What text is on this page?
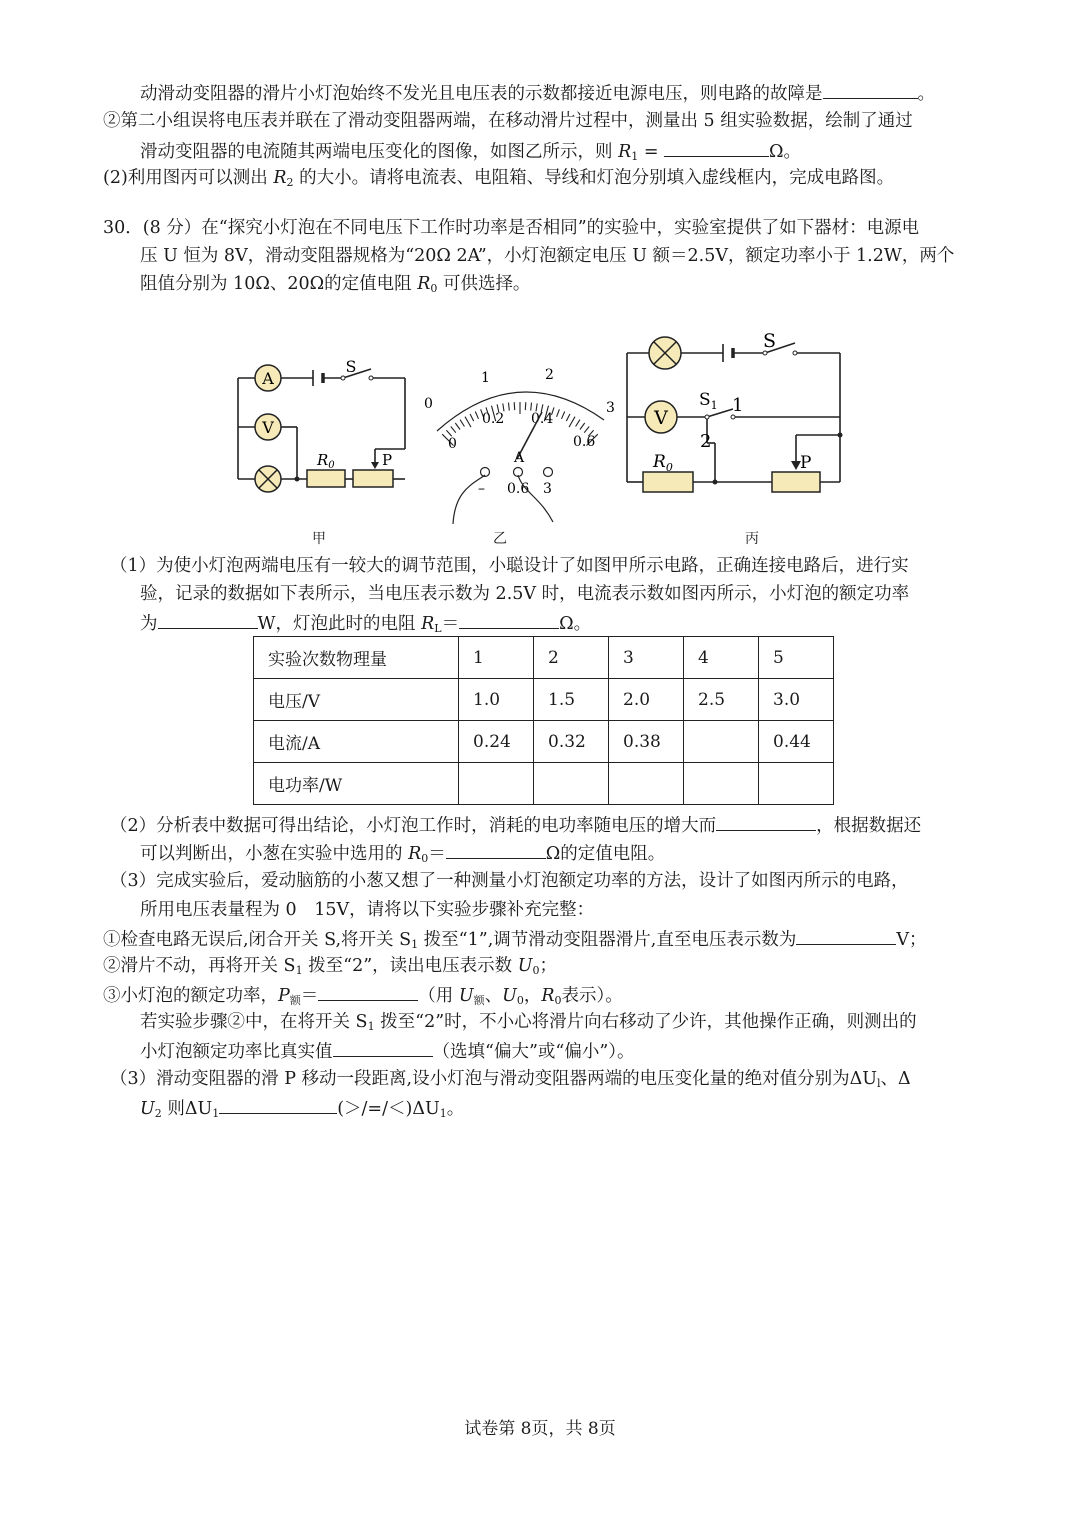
动滑动变阻器的滑片小灯泡始终不发光且电压表的示数都接近电源电压，则电路的故障是	。
②第二小组误将电压表并联在了滑动变阻器两端，在移动滑片过程中，测量出 5 组实验数据，绘制了通过
滑动变阻器的电流随其两端电压变化的图像，如图乙所示，则 $R_1$ =	Ω。
(2)利用图丙可以测出 $R_2$ 的大小。请将电流表、电阻箱、导线和灯泡分别填入虚线框内，完成电路图。
30．(8 分）在“探究小灯泡在不同电压下工作时功率是否相同”的实验中，实验室提供了如下器材：电源电
压 U 恒为 8V，滑动变阻器规格为“20Ω 2A”，小灯泡额定电压 U 额＝2.5V，额定功率小于 1.2W，两个
阻值分别为 10Ω、20Ω的定值电阻 $R_0$ 可供选择。
A
V
S
$R_0$	P
0
1	2
3
0
0.2 0.4
0.6
A
– 0.6 3
V
S
$S_1$ 1
2
$R_0$	P
甲	乙	丙
（1）为使小灯泡两端电压有一较大的调节范围，小聪设计了如图甲所示电路，正确连接电路后，进行实
验，记录的数据如下表所示，当电压表示数为 2.5V 时，电流表示数如图丙所示，小灯泡的额定功率
为	W，灯泡此时的电阻 $R_L=$	Ω。
实验次数物理量	1	2	3	4	5
电压/V	1.0	1.5	2.0	2.5	3.0
电流/A	0.24	0.32	0.38		0.44
电功率/W					
（2）分析表中数据可得出结论，小灯泡工作时，消耗的电功率随电压的增大而	，根据数据还
可以判断出，小葱在实验中选用的 $R_0=$	Ω的定值电阻。
（3）完成实验后，爱动脑筋的小葱又想了一种测量小灯泡额定功率的方法，设计了如图丙所示的电路，
所用电压表量程为 0　15V，请将以下实验步骤补充完整：
①检查电路无误后,闭合开关 S,将开关 $S_1$ 拨至“1”,调节滑动变阻器滑片,直至电压表示数为	V；
②滑片不动，再将开关 $S_1$ 拨至“2”，读出电压表示数 $U_0$；
③小灯泡的额定功率，$P_额=$	（用 $U_额$、$U_0$，$R_0$表示）。
若实验步骤②中，在将开关 $S_1$ 拨至“2”时，不小心将滑片向右移动了少许，其他操作正确，则测出的
小灯泡额定功率比真实值	（选填“偏大”或“偏小”）。
（3）滑动变阻器的滑 P 移动一段距离,设小灯泡与滑动变阻器两端的电压变化量的绝对值分别为$\Delta U_l$、Δ
$U_2$ 则$\Delta U_1$	$(>/=/<)\Delta U_1$。
试卷第 8页，共 8页
